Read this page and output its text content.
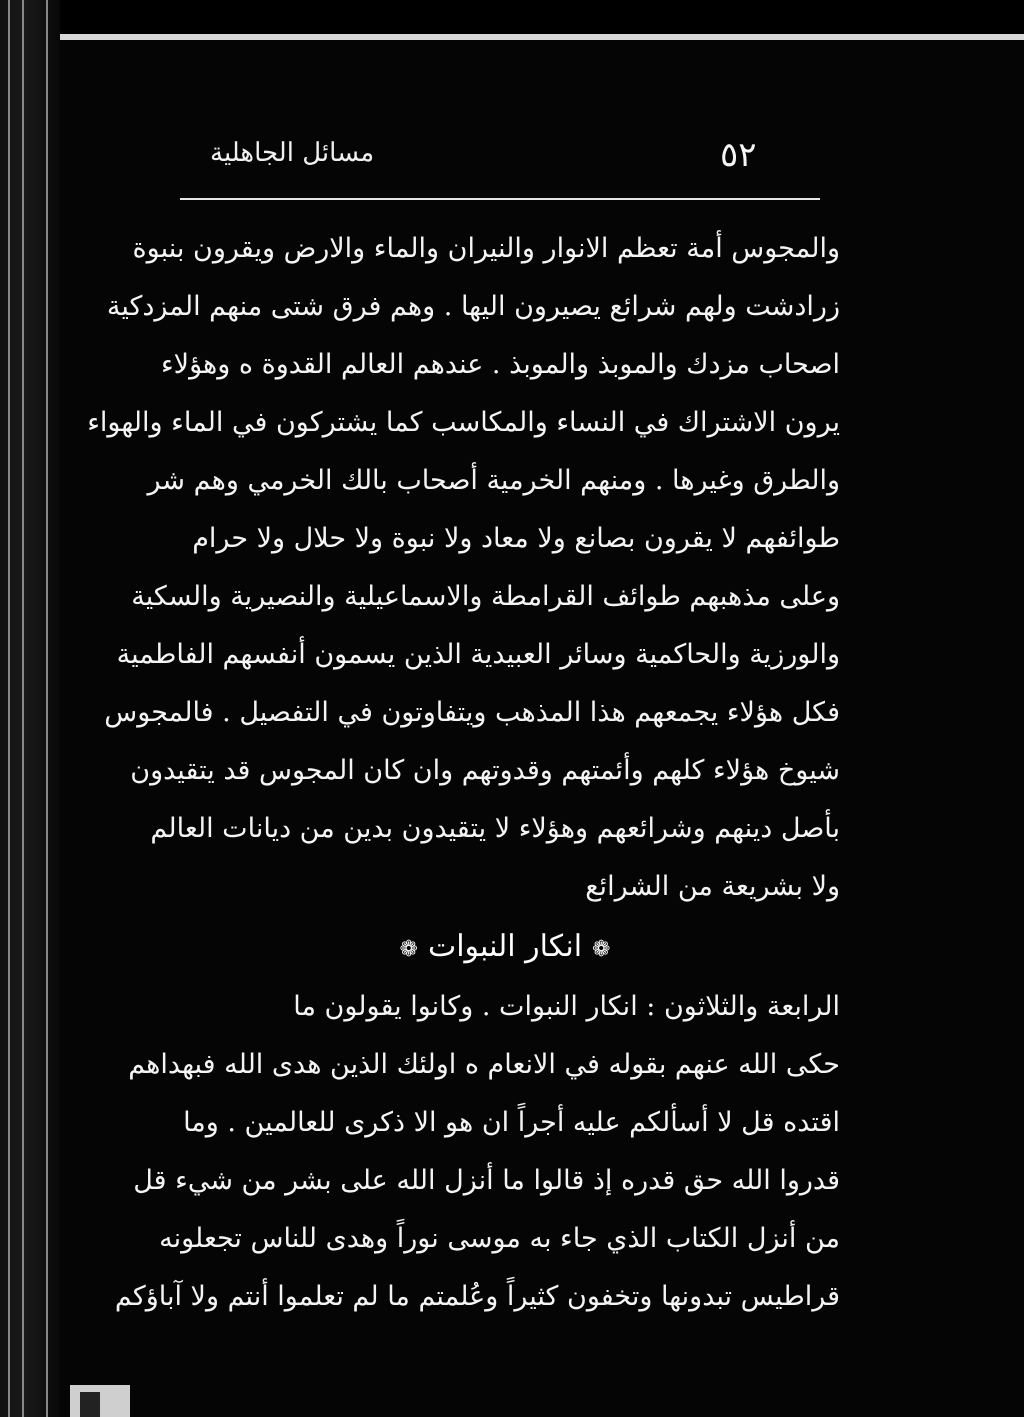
٥٢
مسائل الجاهلية
والمجوس أمة تعظم الانوار والنيران والماء والارض ويقرون بنبوة
زرادشت ولهم شرائع يصيرون اليها . وهم فرق شتى منهم المزدكية
اصحاب مزدك والموبذ والموبذ . عندهم العالم القدوة ه وهؤلاء
يرون الاشتراك في النساء والمكاسب كما يشتركون في الماء والهواء
والطرق وغيرها . ومنهم الخرمية أصحاب بالك الخرمي وهم شر
طوائفهم لا يقرون بصانع ولا معاد ولا نبوة ولا حلال ولا حرام
وعلى مذهبهم طوائف القرامطة والاسماعيلية والنصيرية والسكية
والورزية والحاكمية وسائر العبيدية الذين يسمون أنفسهم الفاطمية
فكل هؤلاء يجمعهم هذا المذهب ويتفاوتون في التفصيل . فالمجوس
شيوخ هؤلاء كلهم وأئمتهم وقدوتهم وان كان المجوس قد يتقيدون
بأصل دينهم وشرائعهم وهؤلاء لا يتقيدون بدين من ديانات العالم
ولا بشريعة من الشرائع
❁انكار النبوات❁
الرابعة والثلاثون : انكار النبوات . وكانوا يقولون ما
حكى الله عنهم بقوله في الانعام ه اولئك الذين هدى الله فبهداهم
اقتده قل لا أسألكم عليه أجراً ان هو الا ذكرى للعالمين . وما
قدروا الله حق قدره إذ قالوا ما أنزل الله على بشر من شيء قل
من أنزل الكتاب الذي جاء به موسى نوراً وهدى للناس تجعلونه
قراطيس تبدونها وتخفون كثيراً وعُلمتم ما لم تعلموا أنتم ولا آباؤكم
